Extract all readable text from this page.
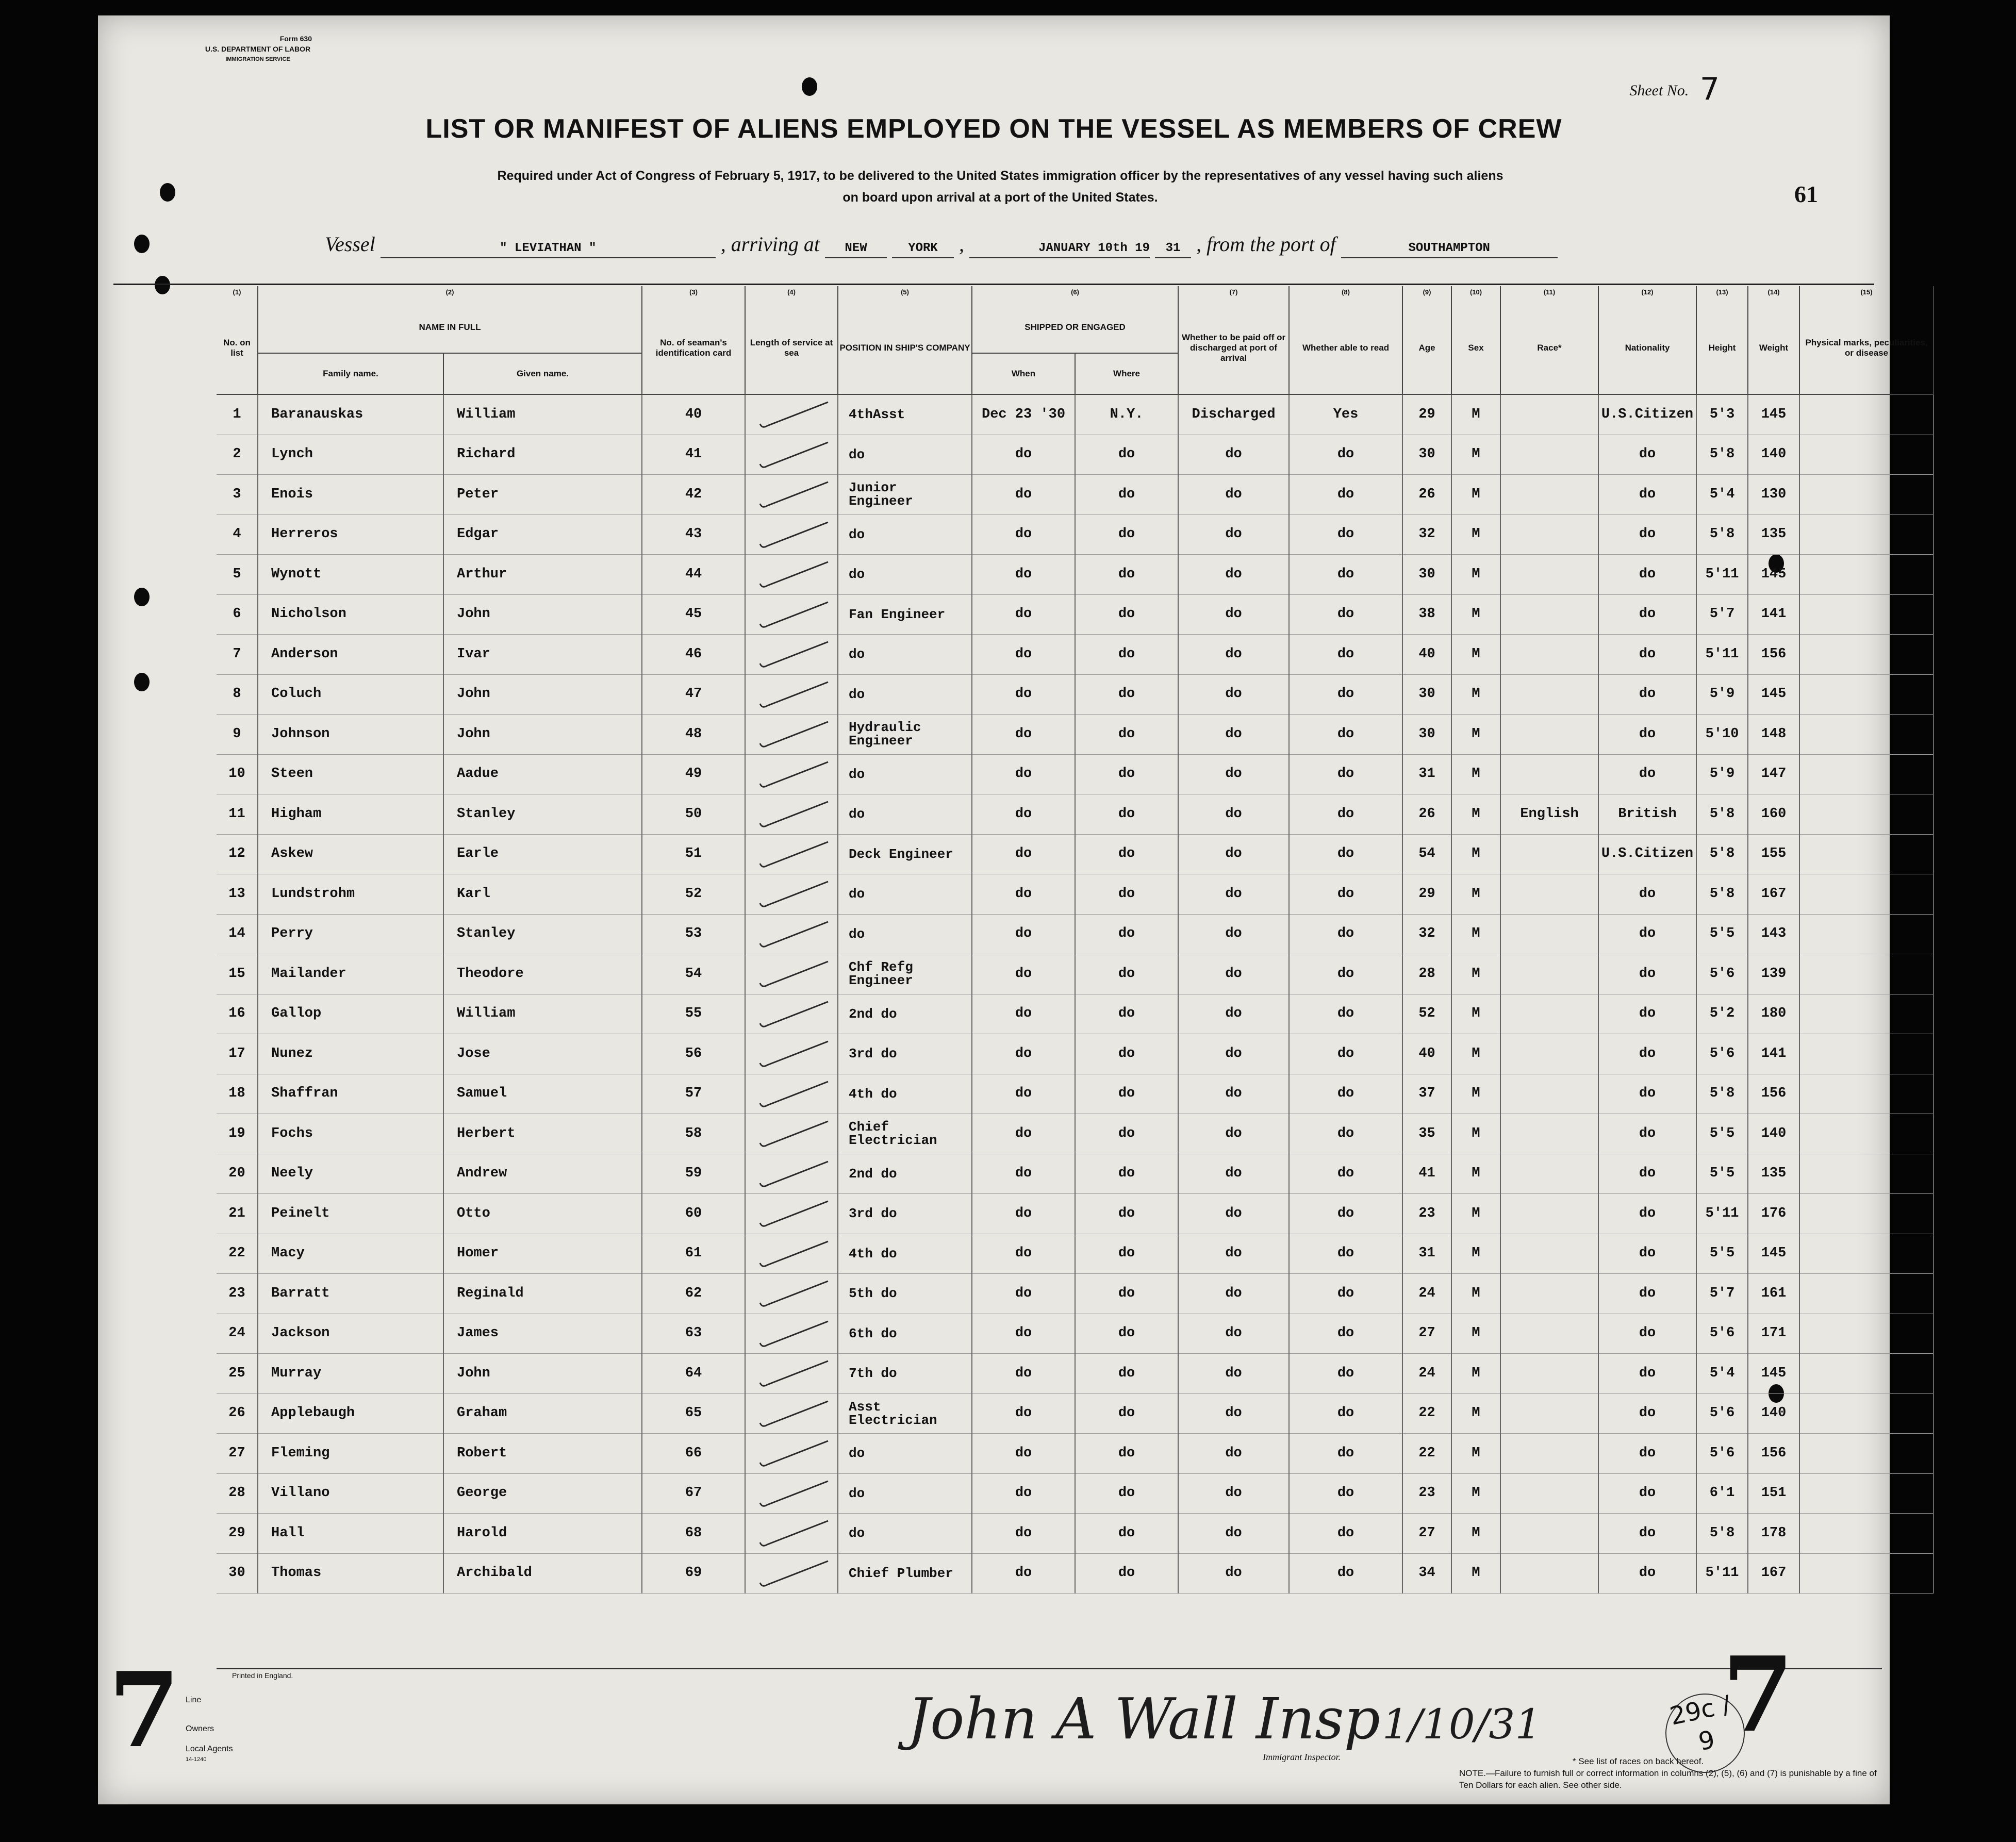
Form 630
U.S. DEPARTMENT OF LABOR
IMMIGRATION SERVICE
Sheet No. 7
LIST OR MANIFEST OF ALIENS EMPLOYED ON THE VESSEL AS MEMBERS OF CREW
Required under Act of Congress of February 5, 1917, to be delivered to the United States immigration officer by the representatives of any vessel having such aliens
on board upon arrival at a port of the United States.	61
Vessel	" LEVIATHAN "	, arriving at NEW	YORK ,	JANUARY 10th 19 31 , from the port of	SOUTHAMPTON
(1)	(2)		(3)	(4)	(5)	(6)		(7)	(8)	(9)	(10)	(11)	(12)	(13)	(14)	(15)
No. on list	NAME IN FULL		No. of seaman's identification card	Length of service at sea	POSITION IN SHIP'S COMPANY	SHIPPED OR ENGAGED		Whether to be paid off or discharged at port of arrival	Whether able to read	Age	Sex	Race*	Nationality	Height	Weight	Physical marks, peculiarities, or disease
	Family name.	Given name.				When	Where									
1	Baranauskas	William	40		4thAsst	Dec 23 '30	N.Y.	Discharged	Yes	29	M		U.S.Citizen	5'3	145	
2	Lynch	Richard	41		do	do	do	do	do	30	M		do	5'8	140	
3	Enois	Peter	42		Junior Engineer	do	do	do	do	26	M		do	5'4	130	
4	Herreros	Edgar	43		do	do	do	do	do	32	M		do	5'8	135	
5	Wynott	Arthur	44		do	do	do	do	do	30	M		do	5'11	145	
6	Nicholson	John	45		Fan Engineer	do	do	do	do	38	M		do	5'7	141	
7	Anderson	Ivar	46		do	do	do	do	do	40	M		do	5'11	156	
8	Coluch	John	47		do	do	do	do	do	30	M		do	5'9	145	
9	Johnson	John	48		Hydraulic Engineer	do	do	do	do	30	M		do	5'10	148	
10	Steen	Aadue	49		do	do	do	do	do	31	M		do	5'9	147	
11	Higham	Stanley	50		do	do	do	do	do	26	M	English	British	5'8	160	
12	Askew	Earle	51		Deck Engineer	do	do	do	do	54	M		U.S.Citizen	5'8	155	
13	Lundstrohm	Karl	52		do	do	do	do	do	29	M		do	5'8	167	
14	Perry	Stanley	53		do	do	do	do	do	32	M		do	5'5	143	
15	Mailander	Theodore	54		Chf Refg Engineer	do	do	do	do	28	M		do	5'6	139	
16	Gallop	William	55		2nd do	do	do	do	do	52	M		do	5'2	180	
17	Nunez	Jose	56		3rd do	do	do	do	do	40	M		do	5'6	141	
18	Shaffran	Samuel	57		4th do	do	do	do	do	37	M		do	5'8	156	
19	Fochs	Herbert	58		Chief Electrician	do	do	do	do	35	M		do	5'5	140	
20	Neely	Andrew	59		2nd do	do	do	do	do	41	M		do	5'5	135	
21	Peinelt	Otto	60		3rd do	do	do	do	do	23	M		do	5'11	176	
22	Macy	Homer	61		4th do	do	do	do	do	31	M		do	5'5	145	
23	Barratt	Reginald	62		5th do	do	do	do	do	24	M		do	5'7	161	
24	Jackson	James	63		6th do	do	do	do	do	27	M		do	5'6	171	
25	Murray	John	64		7th do	do	do	do	do	24	M		do	5'4	145	
26	Applebaugh	Graham	65		Asst Electrician	do	do	do	do	22	M		do	5'6	140	
27	Fleming	Robert	66		do	do	do	do	do	22	M		do	5'6	156	
28	Villano	George	67		do	do	do	do	do	23	M		do	6'1	151	
29	Hall	Harold	68		do	do	do	do	do	27	M		do	5'8	178	
30	Thomas	Archibald	69		Chief Plumber	do	do	do	do	34	M		do	5'11	167	
7	Printed in England.
Line
Owners
Local Agents
14-1240
John A Wall Insp 1/10/31
Immigrant Inspector.
29c / 9 7
* See list of races on back hereof.
NOTE.—Failure to furnish full or correct information in columns (2), (5), (6) and (7) is punishable by a fine of Ten Dollars for each alien. See other side.
